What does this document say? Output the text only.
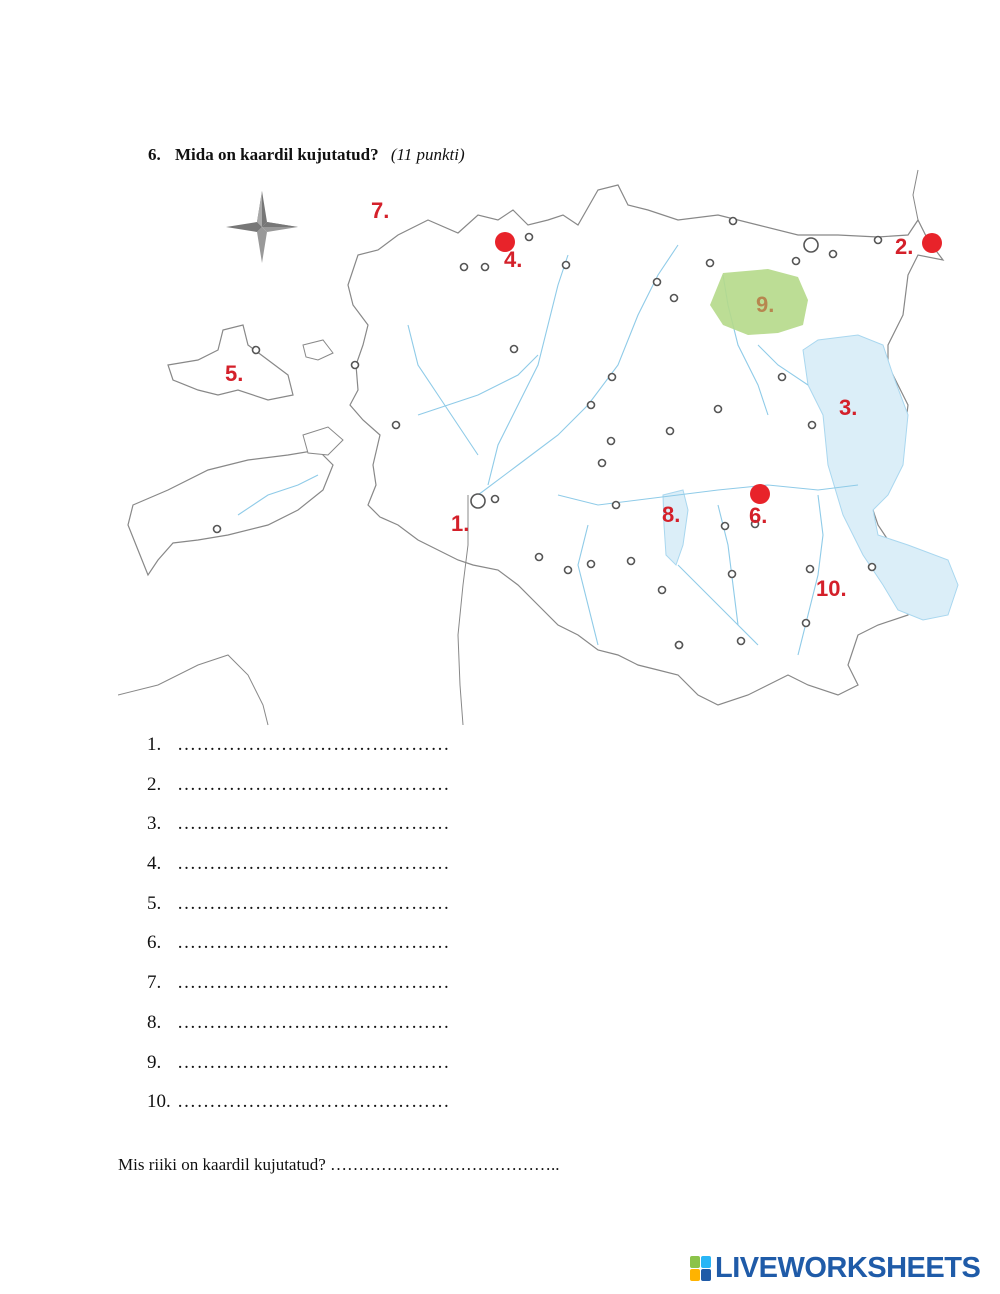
6. Mida on kaardil kujutatud? (11 punkti)
1.
2.
3.
4.
5.
6.
7.
8.
9.
10.
1. ……………………………………
2. ……………………………………
3. ……………………………………
4. ……………………………………
5. ……………………………………
6. ……………………………………
7. ……………………………………
8. ……………………………………
9. ……………………………………
10. ……………………………………
Mis riiki on kaardil kujutatud? …………………………………..
LIVEWORKSHEETS
